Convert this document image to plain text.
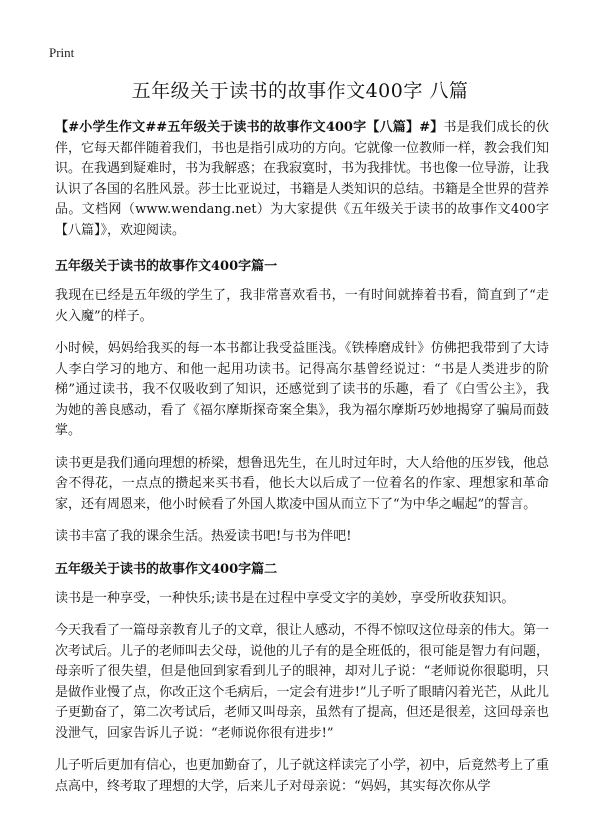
Print
五年级关于读书的故事作文400字 八篇

【#小学生作文##五年级关于读书的故事作文400字【八篇】#】书是我们成长的伙伴，它每天都伴随着我们，书也是指引成功的方向。它就像一位教师一样，教会我们知识。在我遇到疑难时，书为我解惑；在我寂寞时，书为我排忧。书也像一位导游，让我认识了各国的名胜风景。莎士比亚说过，书籍是人类知识的总结。书籍是全世界的营养品。文档网（www.wendang.net）为大家提供《五年级关于读书的故事作文400字【八篇】》，欢迎阅读。

五年级关于读书的故事作文400字篇一

我现在已经是五年级的学生了，我非常喜欢看书，一有时间就捧着书看，简直到了“走火入魔”的样子。

小时候，妈妈给我买的每一本书都让我受益匪浅。《铁棒磨成针》仿佛把我带到了大诗人李白学习的地方、和他一起用功读书。记得高尔基曾经说过：“书是人类进步的阶梯”通过读书，我不仅吸收到了知识，还感觉到了读书的乐趣，看了《白雪公主》，我为她的善良感动，看了《福尔摩斯探奇案全集》，我为福尔摩斯巧妙地揭穿了骗局而鼓掌。

读书更是我们通向理想的桥梁，想鲁迅先生，在儿时过年时，大人给他的压岁钱，他总舍不得花，一点点的攒起来买书看，他长大以后成了一位着名的作家、理想家和革命家，还有周恩来，他小时候看了外国人欺凌中国从而立下了“为中华之崛起”的誓言。

读书丰富了我的课余生活。热爱读书吧!与书为伴吧!

五年级关于读书的故事作文400字篇二

读书是一种享受，一种快乐;读书是在过程中享受文字的美妙，享受所收获知识。

今天我看了一篇母亲教育儿子的文章，很让人感动，不得不惊叹这位母亲的伟大。第一次考试后。儿子的老师叫去父母，说他的儿子有的是全班低的，很可能是智力有问题，母亲听了很失望，但是他回到家看到儿子的眼神，却对儿子说：“老师说你很聪明，只是做作业慢了点，你改正这个毛病后，一定会有进步!”儿子听了眼睛闪着光芒，从此儿子更勤奋了，第二次考试后，老师又叫母亲，虽然有了提高，但还是很差，这回母亲也没泄气，回家告诉儿子说：“老师说你很有进步!”

儿子听后更加有信心，也更加勤奋了，儿子就这样读完了小学，初中，后竟然考上了重点高中，终考取了理想的大学，后来儿子对母亲说：“妈妈，其实每次你从学
